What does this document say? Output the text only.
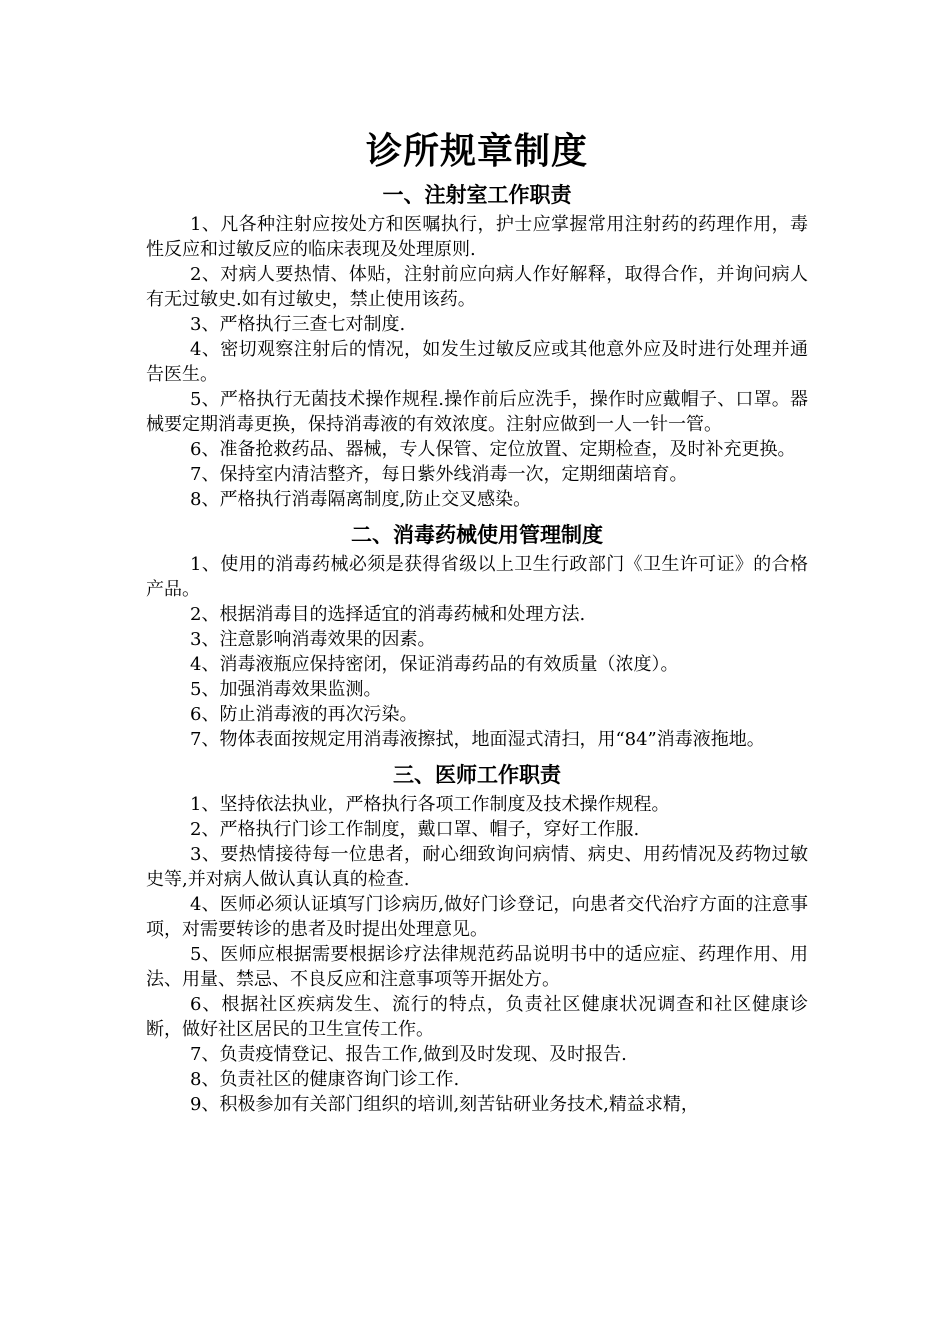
诊所规章制度
一、注射室工作职责

1、凡各种注射应按处方和医嘱执行，护士应掌握常用注射药的药理作用，毒性反应和过敏反应的临床表现及处理原则.

2、对病人要热情、体贴，注射前应向病人作好解释，取得合作，并询问病人有无过敏史.如有过敏史，禁止使用该药。

3、严格执行三查七对制度.

4、密切观察注射后的情况，如发生过敏反应或其他意外应及时进行处理并通告医生。

5、严格执行无菌技术操作规程.操作前后应洗手，操作时应戴帽子、口罩。器械要定期消毒更换，保持消毒液的有效浓度。注射应做到一人一针一管。

6、准备抢救药品、器械，专人保管、定位放置、定期检查，及时补充更换。

7、保持室内清洁整齐，每日紫外线消毒一次，定期细菌培育。

8、严格执行消毒隔离制度,防止交叉感染。

二、消毒药械使用管理制度

1、使用的消毒药械必须是获得省级以上卫生行政部门《卫生许可证》的合格产品。

2、根据消毒目的选择适宜的消毒药械和处理方法.

3、注意影响消毒效果的因素。

4、消毒液瓶应保持密闭，保证消毒药品的有效质量（浓度）。

5、加强消毒效果监测。

6、防止消毒液的再次污染。

7、物体表面按规定用消毒液擦拭，地面湿式清扫，用“84”消毒液拖地。

三、医师工作职责

1、坚持依法执业，严格执行各项工作制度及技术操作规程。

2、严格执行门诊工作制度，戴口罩、帽子，穿好工作服.

3、要热情接待每一位患者，耐心细致询问病情、病史、用药情况及药物过敏史等,并对病人做认真认真的检查.

4、医师必须认证填写门诊病历,做好门诊登记，向患者交代治疗方面的注意事项，对需要转诊的患者及时提出处理意见。

5、医师应根据需要根据诊疗法律规范药品说明书中的适应症、药理作用、用法、用量、禁忌、不良反应和注意事项等开据处方。

6、根据社区疾病发生、流行的特点，负责社区健康状况调查和社区健康诊断，做好社区居民的卫生宣传工作。

7、负责疫情登记、报告工作,做到及时发现、及时报告.

8、负责社区的健康咨询门诊工作.

9、积极参加有关部门组织的培训,刻苦钻研业务技术,精益求精，
